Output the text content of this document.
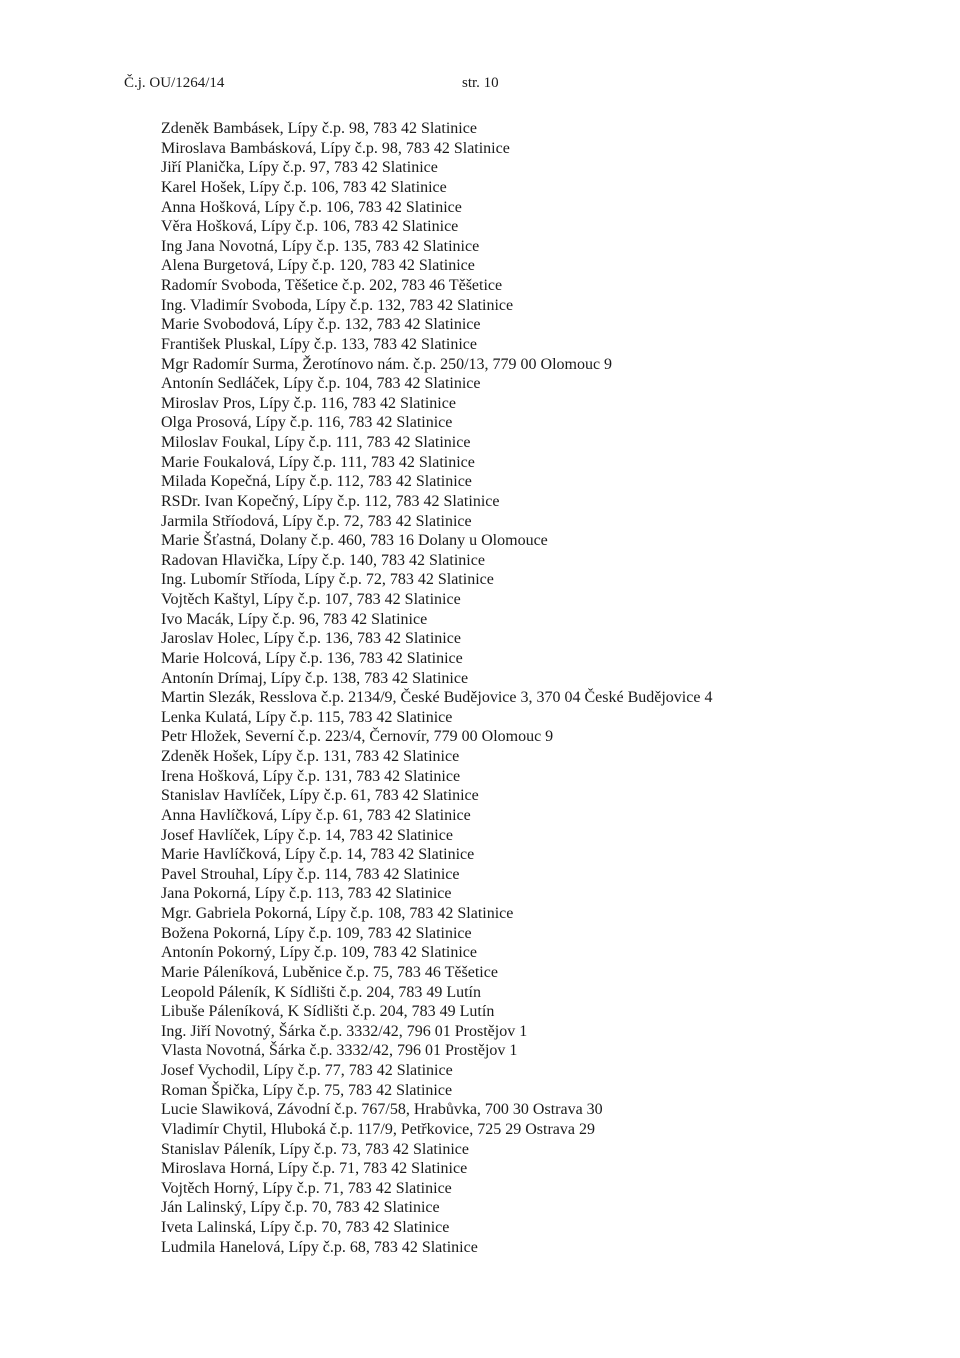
Č.j. OU/1264/14	str. 10
Zdeněk Bambásek, Lípy č.p. 98, 783 42 Slatinice
Miroslava Bambásková, Lípy č.p. 98, 783 42 Slatinice
Jiří Planička, Lípy č.p. 97, 783 42 Slatinice
Karel Hošek, Lípy č.p. 106, 783 42 Slatinice
Anna Hošková, Lípy č.p. 106, 783 42 Slatinice
Věra Hošková, Lípy č.p. 106, 783 42 Slatinice
Ing Jana Novotná, Lípy č.p. 135, 783 42 Slatinice
Alena Burgetová, Lípy č.p. 120, 783 42 Slatinice
Radomír Svoboda, Těšetice č.p. 202, 783 46 Těšetice
Ing. Vladimír Svoboda, Lípy č.p. 132, 783 42 Slatinice
Marie Svobodová, Lípy č.p. 132, 783 42 Slatinice
František Pluskal, Lípy č.p. 133, 783 42 Slatinice
Mgr Radomír Surma, Žerotínovo nám. č.p. 250/13, 779 00 Olomouc 9
Antonín Sedláček, Lípy č.p. 104, 783 42 Slatinice
Miroslav Pros, Lípy č.p. 116, 783 42 Slatinice
Olga Prosová, Lípy č.p. 116, 783 42 Slatinice
Miloslav Foukal, Lípy č.p. 111, 783 42 Slatinice
Marie Foukalová, Lípy č.p. 111, 783 42 Slatinice
Milada Kopečná, Lípy č.p. 112, 783 42 Slatinice
RSDr. Ivan Kopečný, Lípy č.p. 112, 783 42 Slatinice
Jarmila Stříodová, Lípy č.p. 72, 783 42 Slatinice
Marie Šťastná, Dolany č.p. 460, 783 16 Dolany u Olomouce
Radovan Hlavička, Lípy č.p. 140, 783 42 Slatinice
Ing. Lubomír Stříoda, Lípy č.p. 72, 783 42 Slatinice
Vojtěch Kaštyl, Lípy č.p. 107, 783 42 Slatinice
Ivo Macák, Lípy č.p. 96, 783 42 Slatinice
Jaroslav Holec, Lípy č.p. 136, 783 42 Slatinice
Marie Holcová, Lípy č.p. 136, 783 42 Slatinice
Antonín Drímaj, Lípy č.p. 138, 783 42 Slatinice
Martin Slezák, Resslova č.p. 2134/9, České Budějovice 3, 370 04 České Budějovice 4
Lenka Kulatá, Lípy č.p. 115, 783 42 Slatinice
Petr Hložek, Severní č.p. 223/4, Černovír, 779 00 Olomouc 9
Zdeněk Hošek, Lípy č.p. 131, 783 42 Slatinice
Irena Hošková, Lípy č.p. 131, 783 42 Slatinice
Stanislav Havlíček, Lípy č.p. 61, 783 42 Slatinice
Anna Havlíčková, Lípy č.p. 61, 783 42 Slatinice
Josef Havlíček, Lípy č.p. 14, 783 42 Slatinice
Marie Havlíčková, Lípy č.p. 14, 783 42 Slatinice
Pavel Strouhal, Lípy č.p. 114, 783 42 Slatinice
Jana Pokorná, Lípy č.p. 113, 783 42 Slatinice
Mgr. Gabriela Pokorná, Lípy č.p. 108, 783 42 Slatinice
Božena Pokorná, Lípy č.p. 109, 783 42 Slatinice
Antonín Pokorný, Lípy č.p. 109, 783 42 Slatinice
Marie Páleníková, Luběnice č.p. 75, 783 46 Těšetice
Leopold Páleník, K Sídlišti č.p. 204, 783 49 Lutín
Libuše Páleníková, K Sídlišti č.p. 204, 783 49 Lutín
Ing. Jiří Novotný, Šárka č.p. 3332/42, 796 01 Prostějov 1
Vlasta Novotná, Šárka č.p. 3332/42, 796 01 Prostějov 1
Josef Vychodil, Lípy č.p. 77, 783 42 Slatinice
Roman Špička, Lípy č.p. 75, 783 42 Slatinice
Lucie Slawiková, Závodní č.p. 767/58, Hrabůvka, 700 30 Ostrava 30
Vladimír Chytil, Hluboká č.p. 117/9, Petřkovice, 725 29 Ostrava 29
Stanislav Páleník, Lípy č.p. 73, 783 42 Slatinice
Miroslava Horná, Lípy č.p. 71, 783 42 Slatinice
Vojtěch Horný, Lípy č.p. 71, 783 42 Slatinice
Ján Lalinský, Lípy č.p. 70, 783 42 Slatinice
Iveta Lalinská, Lípy č.p. 70, 783 42 Slatinice
Ludmila Hanelová, Lípy č.p. 68, 783 42 Slatinice
